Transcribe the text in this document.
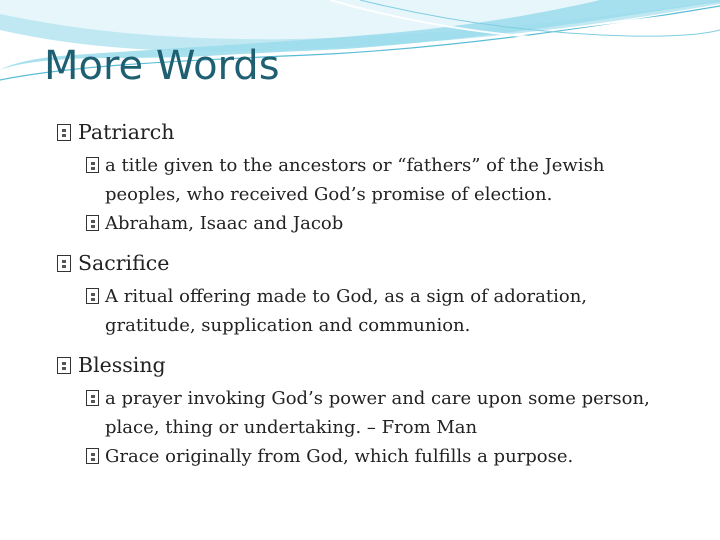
More Words

Patriarch

a title given to the ancestors or “fathers” of the Jewish peoples, who received God’s promise of election.

Abraham, Isaac and Jacob

Sacrifice

A ritual offering made to God, as a sign of adoration, gratitude, supplication and communion.

Blessing

a prayer invoking God’s power and care upon some person, place, thing or undertaking. – From Man

Grace originally from God, which fulfills a purpose.
